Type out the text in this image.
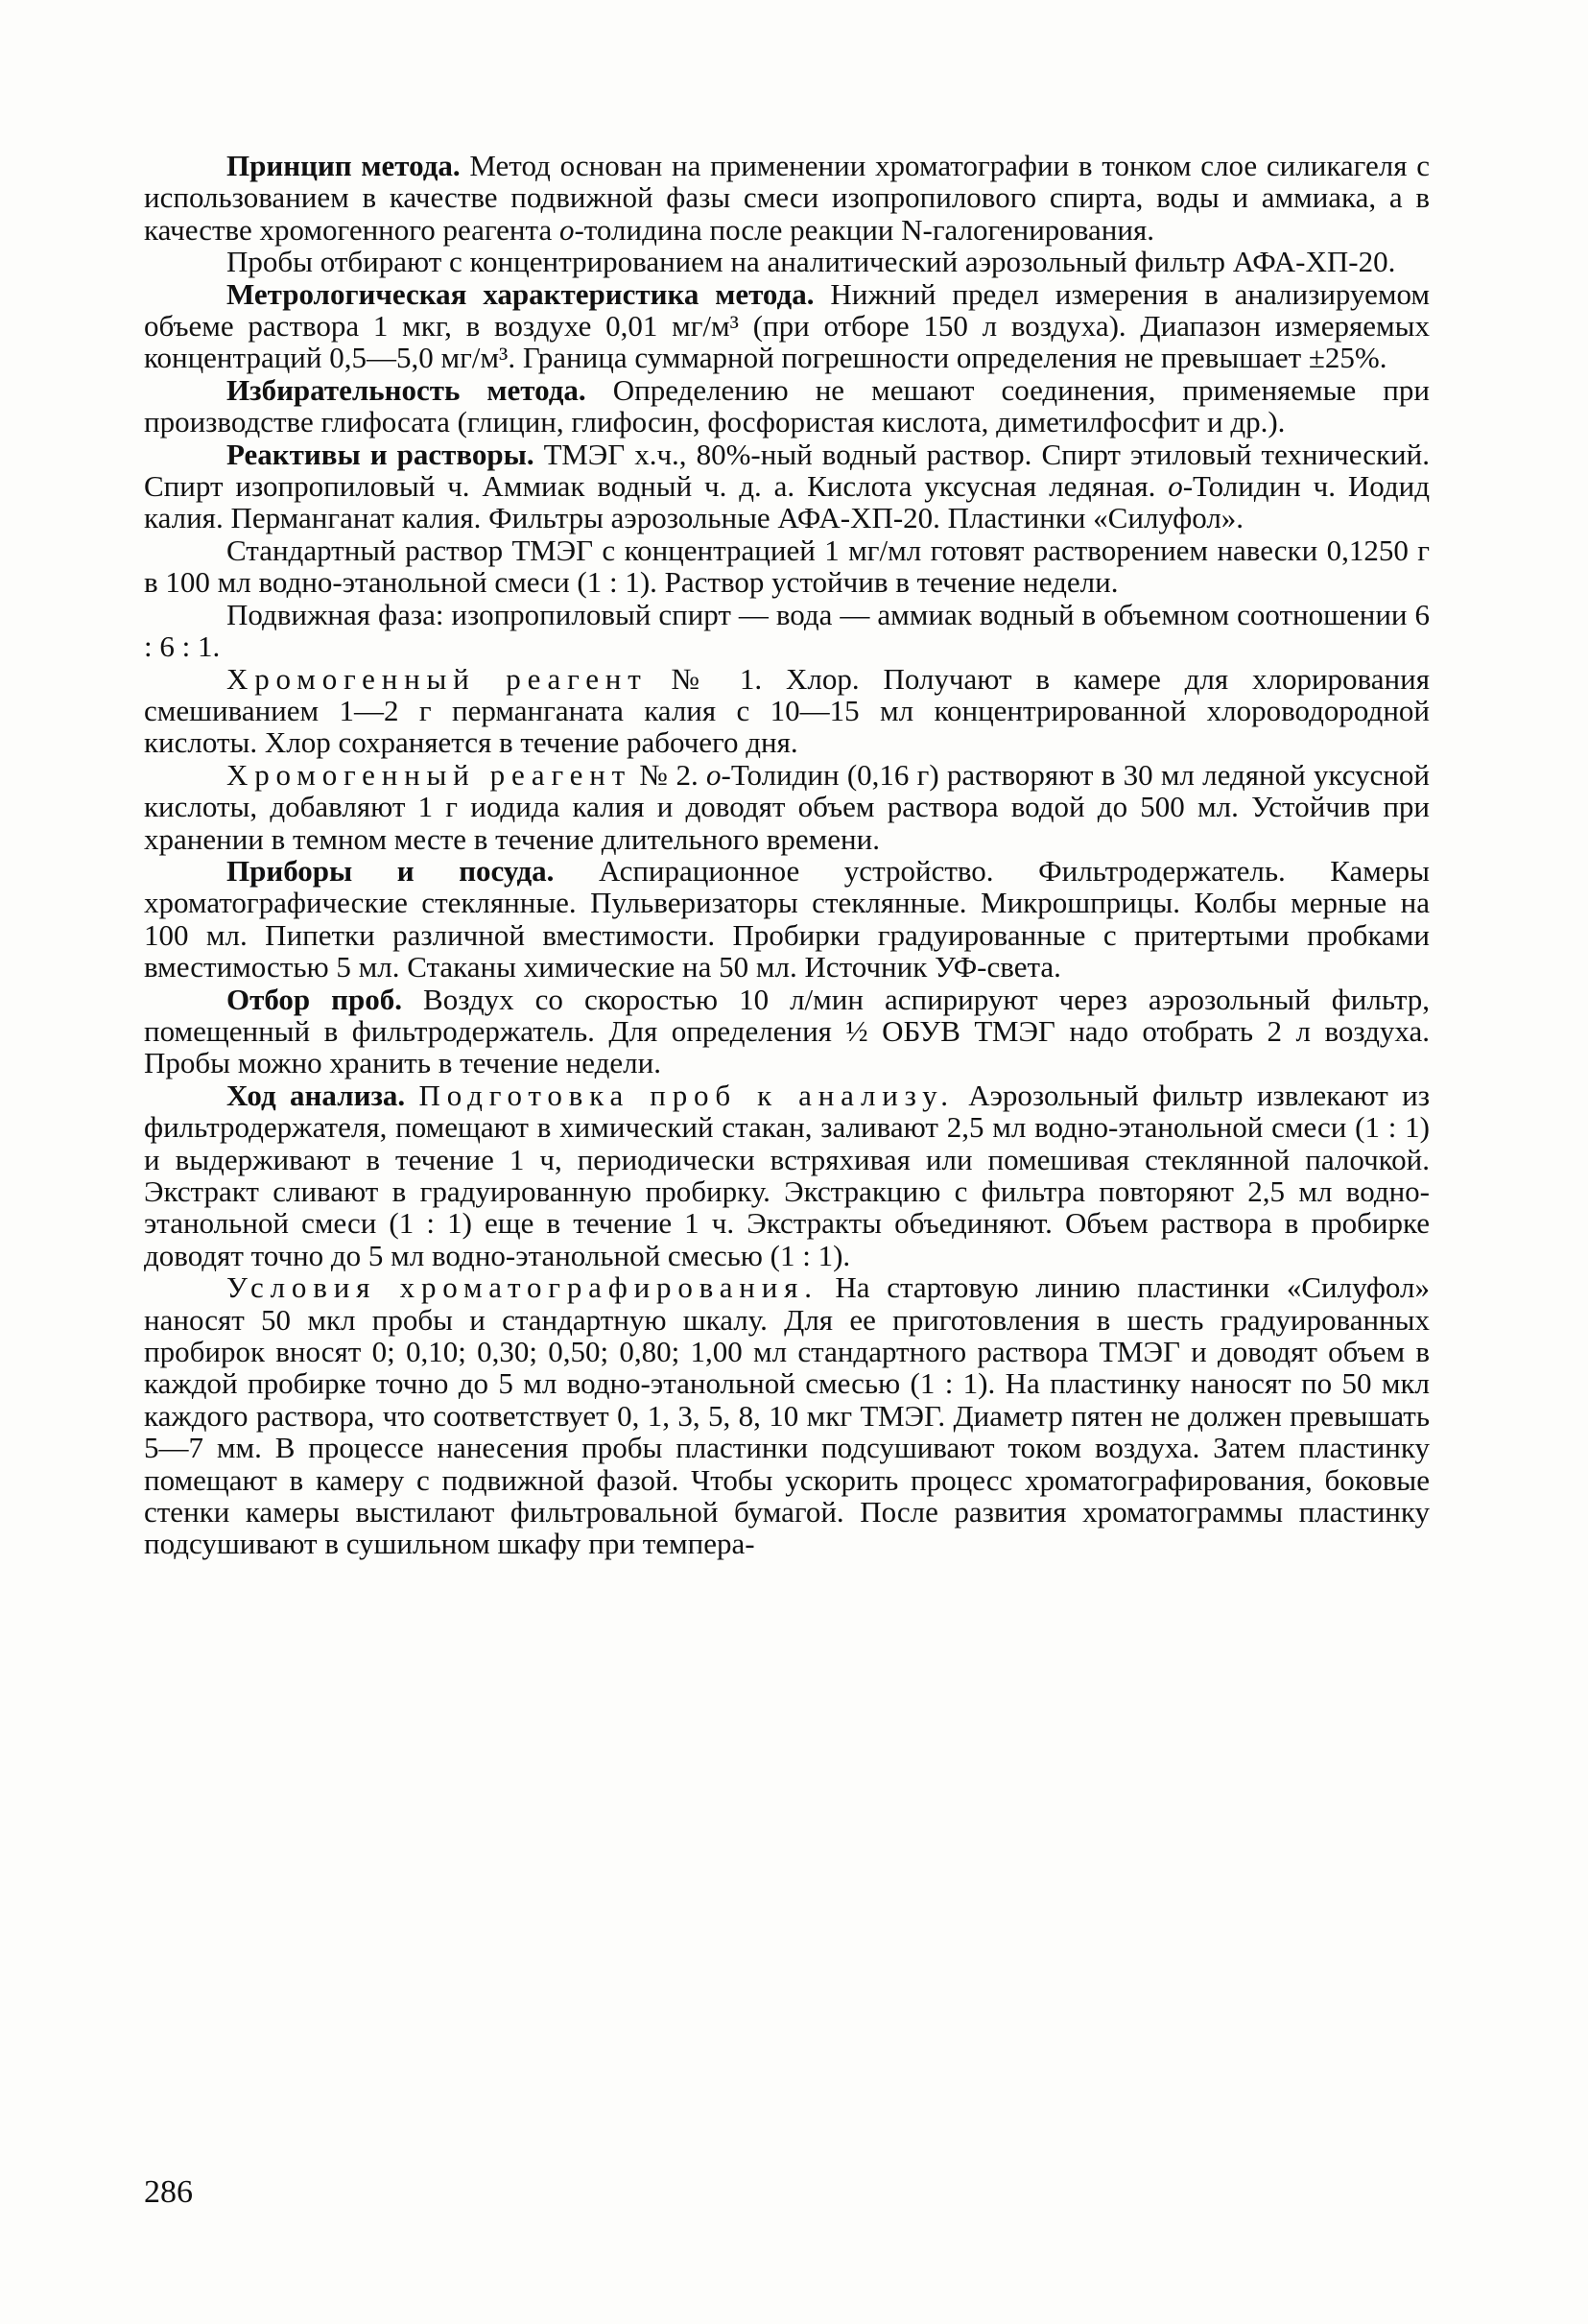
Принцип метода. Метод основан на применении хроматографии в тонком слое силикагеля с использованием в качестве подвижной фазы смеси изопропилового спирта, воды и аммиака, а в качестве хромогенного реагента о-толидина после реакции N-галогенирования.

Пробы отбирают с концентрированием на аналитический аэрозольный фильтр АФА-ХП-20.

Метрологическая характеристика метода. Нижний предел измерения в анализируемом объеме раствора 1 мкг, в воздухе 0,01 мг/м³ (при отборе 150 л воздуха). Диапазон измеряемых концентраций 0,5—5,0 мг/м³. Граница суммарной погрешности определения не превышает ±25%.

Избирательность метода. Определению не мешают соединения, применяемые при производстве глифосата (глицин, глифосин, фосфористая кислота, диметилфосфит и др.).

Реактивы и растворы. ТМЭГ х.ч., 80%-ный водный раствор. Спирт этиловый технический. Спирт изопропиловый ч. Аммиак водный ч. д. а. Кислота уксусная ледяная. о-Толидин ч. Иодид калия. Перманганат калия. Фильтры аэрозольные АФА-ХП-20. Пластинки «Силуфол».

Стандартный раствор ТМЭГ с концентрацией 1 мг/мл готовят растворением навески 0,1250 г в 100 мл водно-этанольной смеси (1 : 1). Раствор устойчив в течение недели.

Подвижная фаза: изопропиловый спирт — вода — аммиак водный в объемном соотношении 6 : 6 : 1.

Хромогенный реагент № 1. Хлор. Получают в камере для хлорирования смешиванием 1—2 г перманганата калия с 10—15 мл концентрированной хлороводородной кислоты. Хлор сохраняется в течение рабочего дня.

Хромогенный реагент № 2. о-Толидин (0,16 г) растворяют в 30 мл ледяной уксусной кислоты, добавляют 1 г иодида калия и доводят объем раствора водой до 500 мл. Устойчив при хранении в темном месте в течение длительного времени.

Приборы и посуда. Аспирационное устройство. Фильтродержатель. Камеры хроматографические стеклянные. Пульверизаторы стеклянные. Микрошприцы. Колбы мерные на 100 мл. Пипетки различной вместимости. Пробирки градуированные с притертыми пробками вместимостью 5 мл. Стаканы химические на 50 мл. Источник УФ-света.

Отбор проб. Воздух со скоростью 10 л/мин аспирируют через аэрозольный фильтр, помещенный в фильтродержатель. Для определения ½ ОБУВ ТМЭГ надо отобрать 2 л воздуха. Пробы можно хранить в течение недели.

Ход анализа. Подготовка проб к анализу. Аэрозольный фильтр извлекают из фильтродержателя, помещают в химический стакан, заливают 2,5 мл водно-этанольной смеси (1 : 1) и выдерживают в течение 1 ч, периодически встряхивая или помешивая стеклянной палочкой. Экстракт сливают в градуированную пробирку. Экстракцию с фильтра повторяют 2,5 мл водно-этанольной смеси (1 : 1) еще в течение 1 ч. Экстракты объединяют. Объем раствора в пробирке доводят точно до 5 мл водно-этанольной смесью (1 : 1).

Условия хроматографирования. На стартовую линию пластинки «Силуфол» наносят 50 мкл пробы и стандартную шкалу. Для ее приготовления в шесть градуированных пробирок вносят 0; 0,10; 0,30; 0,50; 0,80; 1,00 мл стандартного раствора ТМЭГ и доводят объем в каждой пробирке точно до 5 мл водно-этанольной смесью (1 : 1). На пластинку наносят по 50 мкл каждого раствора, что соответствует 0, 1, 3, 5, 8, 10 мкг ТМЭГ. Диаметр пятен не должен превышать 5—7 мм. В процессе нанесения пробы пластинки подсушивают током воздуха. Затем пластинку помещают в камеру с подвижной фазой. Чтобы ускорить процесс хроматографирования, боковые стенки камеры выстилают фильтровальной бумагой. После развития хроматограммы пластинку подсушивают в сушильном шкафу при темпера-

286
